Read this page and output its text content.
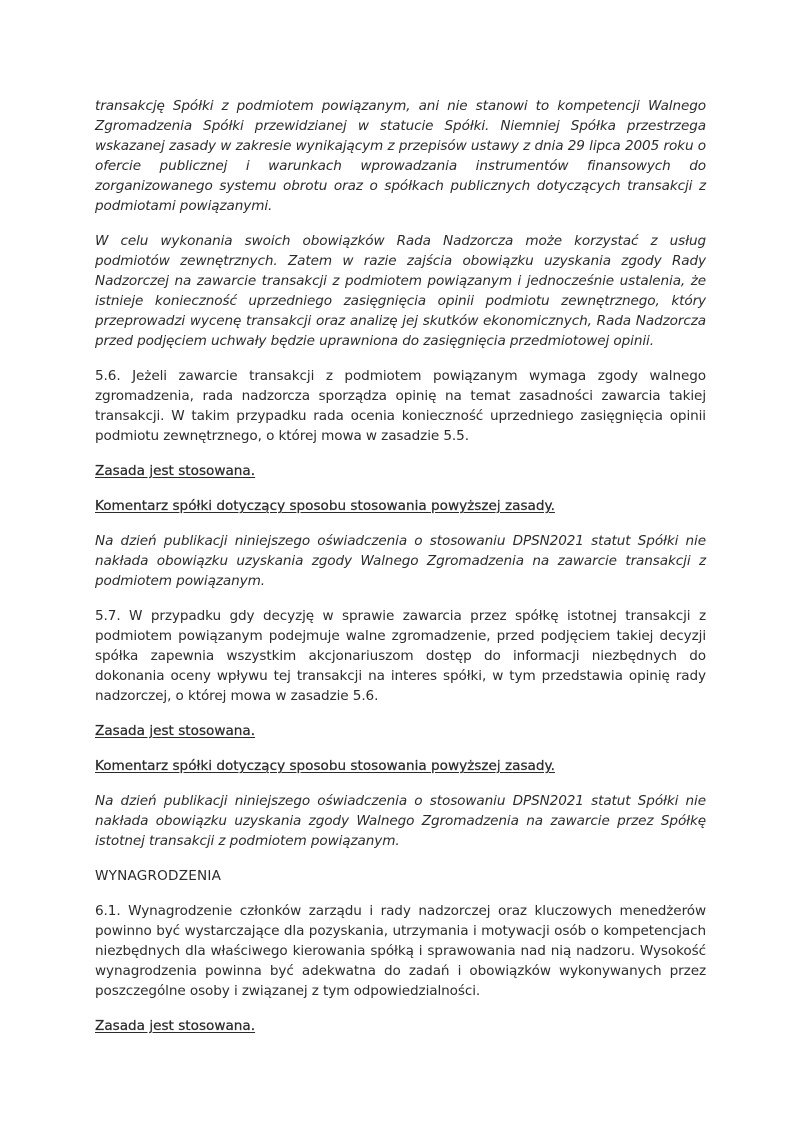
transakcję Spółki z podmiotem powiązanym, ani nie stanowi to kompetencji Walnego Zgromadzenia Spółki przewidzianej w statucie Spółki. Niemniej Spółka przestrzega wskazanej zasady w zakresie wynikającym z przepisów ustawy z dnia 29 lipca 2005 roku o ofercie publicznej i warunkach wprowadzania instrumentów finansowych do zorganizowanego systemu obrotu oraz o spółkach publicznych dotyczących transakcji z podmiotami powiązanymi.

W celu wykonania swoich obowiązków Rada Nadzorcza może korzystać z usług podmiotów zewnętrznych. Zatem w razie zajścia obowiązku uzyskania zgody Rady Nadzorczej na zawarcie transakcji z podmiotem powiązanym i jednocześnie ustalenia, że istnieje konieczność uprzedniego zasięgnięcia opinii podmiotu zewnętrznego, który przeprowadzi wycenę transakcji oraz analizę jej skutków ekonomicznych, Rada Nadzorcza przed podjęciem uchwały będzie uprawniona do zasięgnięcia przedmiotowej opinii.

5.6. Jeżeli zawarcie transakcji z podmiotem powiązanym wymaga zgody walnego zgromadzenia, rada nadzorcza sporządza opinię na temat zasadności zawarcia takiej transakcji. W takim przypadku rada ocenia konieczność uprzedniego zasięgnięcia opinii podmiotu zewnętrznego, o której mowa w zasadzie 5.5.

Zasada jest stosowana.

Komentarz spółki dotyczący sposobu stosowania powyższej zasady.

Na dzień publikacji niniejszego oświadczenia o stosowaniu DPSN2021 statut Spółki nie nakłada obowiązku uzyskania zgody Walnego Zgromadzenia na zawarcie transakcji z podmiotem powiązanym.

5.7. W przypadku gdy decyzję w sprawie zawarcia przez spółkę istotnej transakcji z podmiotem powiązanym podejmuje walne zgromadzenie, przed podjęciem takiej decyzji spółka zapewnia wszystkim akcjonariuszom dostęp do informacji niezbędnych do dokonania oceny wpływu tej transakcji na interes spółki, w tym przedstawia opinię rady nadzorczej, o której mowa w zasadzie 5.6.

Zasada jest stosowana.

Komentarz spółki dotyczący sposobu stosowania powyższej zasady.

Na dzień publikacji niniejszego oświadczenia o stosowaniu DPSN2021 statut Spółki nie nakłada obowiązku uzyskania zgody Walnego Zgromadzenia na zawarcie przez Spółkę istotnej transakcji z podmiotem powiązanym.

WYNAGRODZENIA

6.1. Wynagrodzenie członków zarządu i rady nadzorczej oraz kluczowych menedżerów powinno być wystarczające dla pozyskania, utrzymania i motywacji osób o kompetencjach niezbędnych dla właściwego kierowania spółką i sprawowania nad nią nadzoru. Wysokość wynagrodzenia powinna być adekwatna do zadań i obowiązków wykonywanych przez poszczególne osoby i związanej z tym odpowiedzialności.

Zasada jest stosowana.
